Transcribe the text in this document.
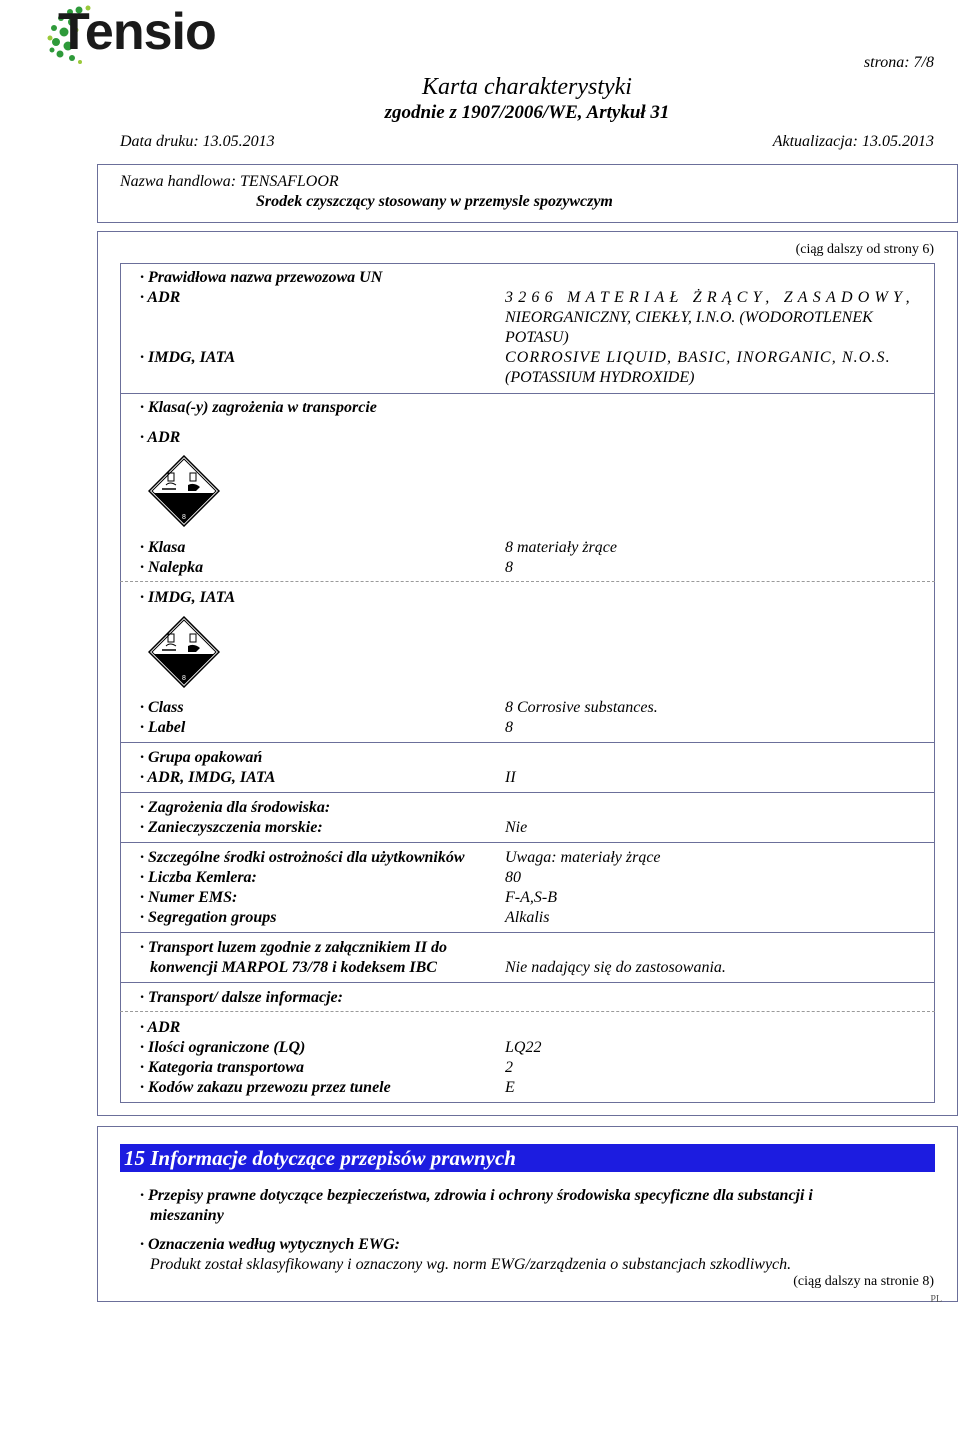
Tensio
strona: 7/8
Karta charakterystyki
zgodnie z 1907/2006/WE, Artykuł 31
Data druku: 13.05.2013	Aktualizacja: 13.05.2013
Nazwa handlowa: TENSAFLOOR
Srodek czyszczący stosowany w przemysle spozywczym
(ciąg dalszy od strony 6)
· Prawidłowa nazwa przewozowa UN
· ADR	3266 MATERIAŁ ŻRĄCY, ZASADOWY,
NIEORGANICZNY, CIEKŁY, I.N.O. (WODOROTLENEK
POTASU)
· IMDG, IATA	CORROSIVE LIQUID, BASIC, INORGANIC, N.O.S.
(POTASSIUM HYDROXIDE)
· Klasa(-y) zagrożenia w transporcie
· ADR
8
· Klasa	8 materiały żrące
· Nalepka	8
· IMDG, IATA
8
· Class	8 Corrosive substances.
· Label	8
· Grupa opakowań
· ADR, IMDG, IATA	II
· Zagrożenia dla środowiska:
· Zanieczyszczenia morskie:	Nie
· Szczególne środki ostrożności dla użytkowników	Uwaga: materiały żrące
· Liczba Kemlera:	80
· Numer EMS:	F-A,S-B
· Segregation groups	Alkalis
· Transport luzem zgodnie z załącznikiem II do
konwencji MARPOL 73/78 i kodeksem IBC	Nie nadający się do zastosowania.
· Transport/ dalsze informacje:
· ADR
· Ilości ograniczone (LQ)	LQ22
· Kategoria transportowa	2
· Kodów zakazu przewozu przez tunele	E
15 Informacje dotyczące przepisów prawnych
· Przepisy prawne dotyczące bezpieczeństwa, zdrowia i ochrony środowiska specyficzne dla substancji i
mieszaniny
· Oznaczenia według wytycznych EWG:
Produkt został sklasyfikowany i oznaczony wg. norm EWG/zarządzenia o substancjach szkodliwych.
(ciąg dalszy na stronie 8)
PL
